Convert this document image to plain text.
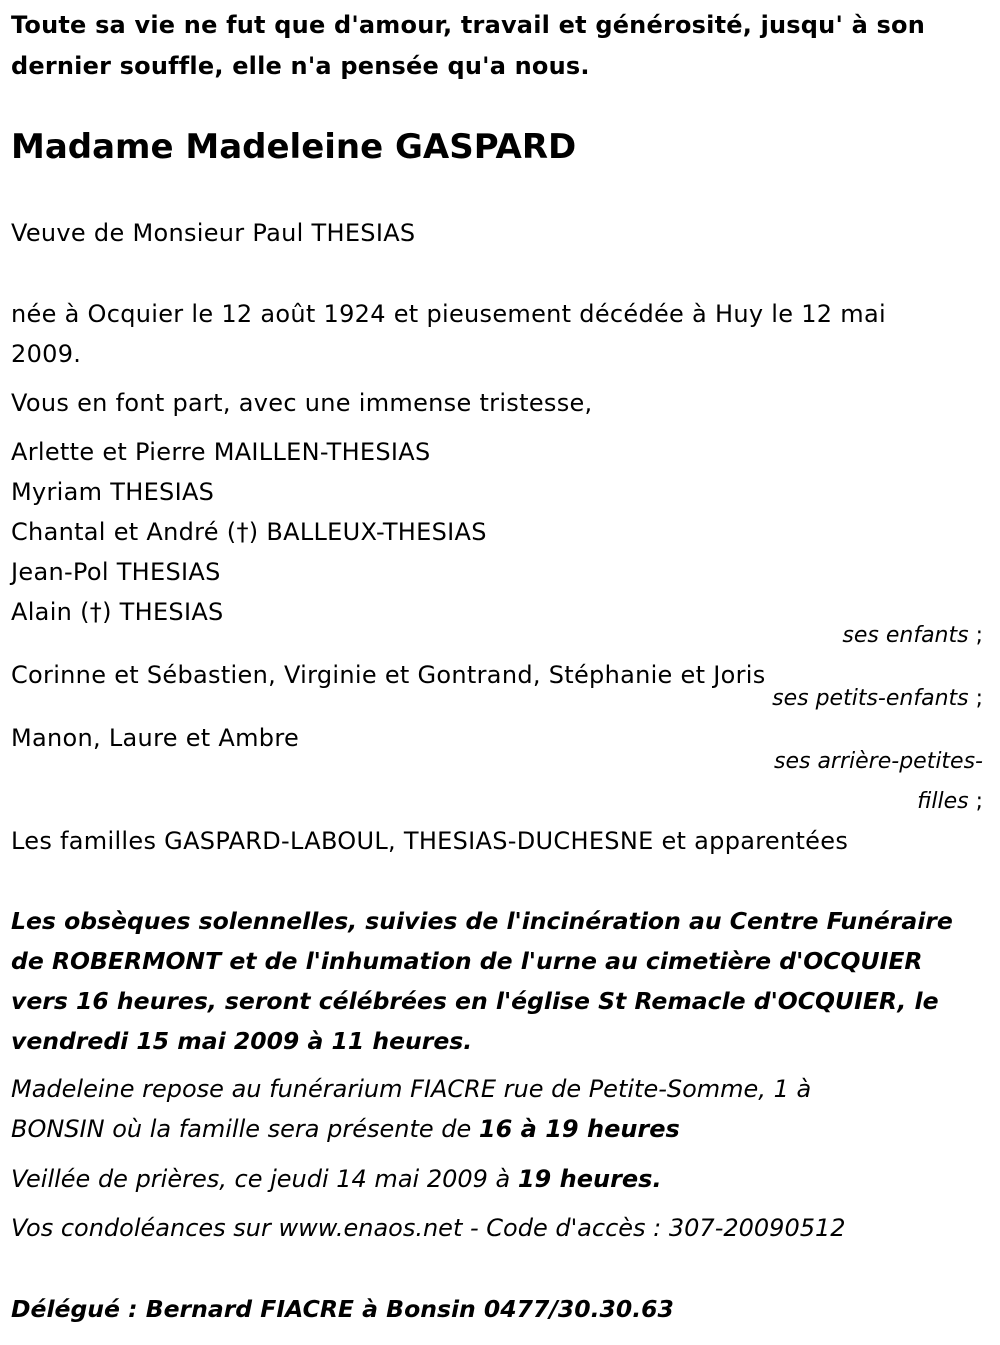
Toute sa vie ne fut que d'amour, travail et générosité, jusqu' à son
dernier souffle, elle n'a pensée qu'a nous.
Madame Madeleine GASPARD
Veuve de Monsieur Paul THESIAS
née à Ocquier le 12 août 1924 et pieusement décédée à Huy le 12 mai
2009.
Vous en font part, avec une immense tristesse,
Arlette et Pierre MAILLEN-THESIAS
Myriam THESIAS
Chantal et André (†) BALLEUX-THESIAS
Jean-Pol THESIAS
Alain (†) THESIAS
ses enfants ;
Corinne et Sébastien, Virginie et Gontrand, Stéphanie et Joris
ses petits-enfants ;
Manon, Laure et Ambre
ses arrière-petites-
filles ;
Les familles GASPARD-LABOUL, THESIAS-DUCHESNE et apparentées
Les obsèques solennelles, suivies de l'incinération au Centre Funéraire
de ROBERMONT et de l'inhumation de l'urne au cimetière d'OCQUIER
vers 16 heures, seront célébrées en l'église St Remacle d'OCQUIER, le
vendredi 15 mai 2009 à 11 heures.
Madeleine repose au funérarium FIACRE rue de Petite-Somme, 1 à
BONSIN où la famille sera présente de 16 à 19 heures
Veillée de prières, ce jeudi 14 mai 2009 à 19 heures.
Vos condoléances sur www.enaos.net - Code d'accès : 307-20090512
Délégué : Bernard FIACRE à Bonsin 0477/30.30.63
